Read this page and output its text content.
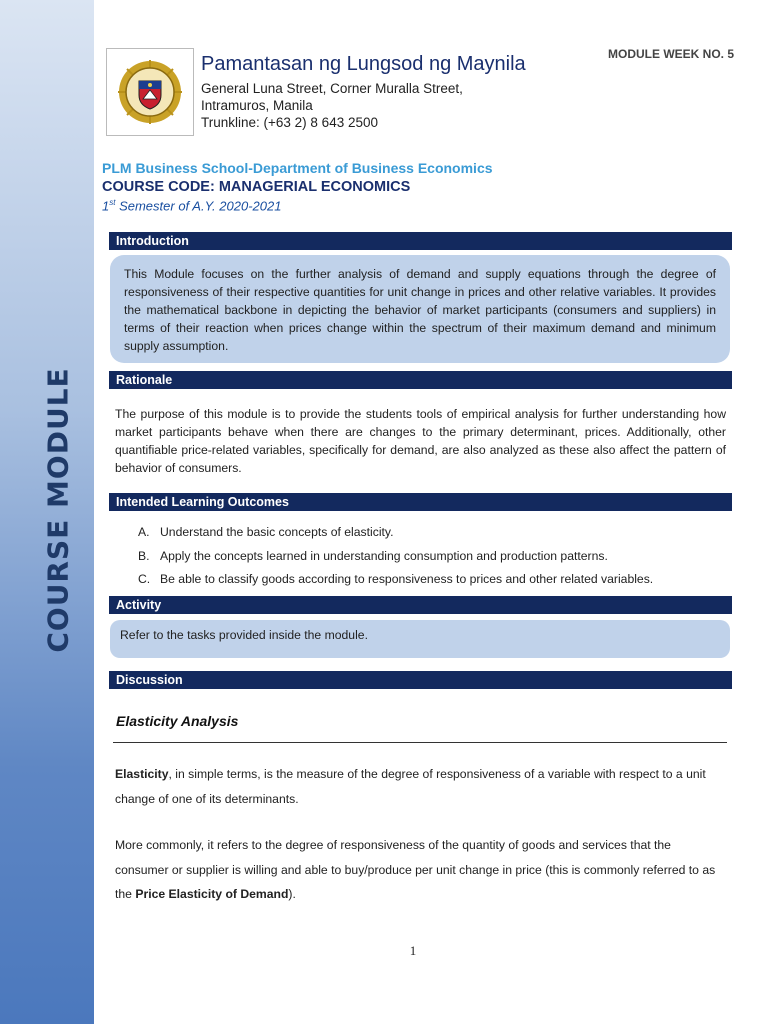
COURSE MODULE
Pamantasan ng Lungsod ng Maynila
General Luna Street, Corner Muralla Street,
Intramuros, Manila
Trunkline: (+63 2) 8 643 2500
MODULE WEEK NO. 5
PLM Business School-Department of Business Economics
COURSE CODE: MANAGERIAL ECONOMICS
1st Semester of A.Y. 2020-2021
Introduction
This Module focuses on the further analysis of demand and supply equations through the degree of responsiveness of their respective quantities for unit change in prices and other relative variables. It provides the mathematical backbone in depicting the behavior of market participants (consumers and suppliers) in terms of their reaction when prices change within the spectrum of their maximum demand and minimum supply assumption.
Rationale
The purpose of this module is to provide the students tools of empirical analysis for further understanding how market participants behave when there are changes to the primary determinant, prices. Additionally, other quantifiable price-related variables, specifically for demand, are also analyzed as these also affect the pattern of behavior of consumers.
Intended Learning Outcomes
A. Understand the basic concepts of elasticity.
B. Apply the concepts learned in understanding consumption and production patterns.
C. Be able to classify goods according to responsiveness to prices and other related variables.
Activity
Refer to the tasks provided inside the module.
Discussion
Elasticity Analysis
Elasticity, in simple terms, is the measure of the degree of responsiveness of a variable with respect to a unit change of one of its determinants.
More commonly, it refers to the degree of responsiveness of the quantity of goods and services that the consumer or supplier is willing and able to buy/produce per unit change in price (this is commonly referred to as the Price Elasticity of Demand).
1
